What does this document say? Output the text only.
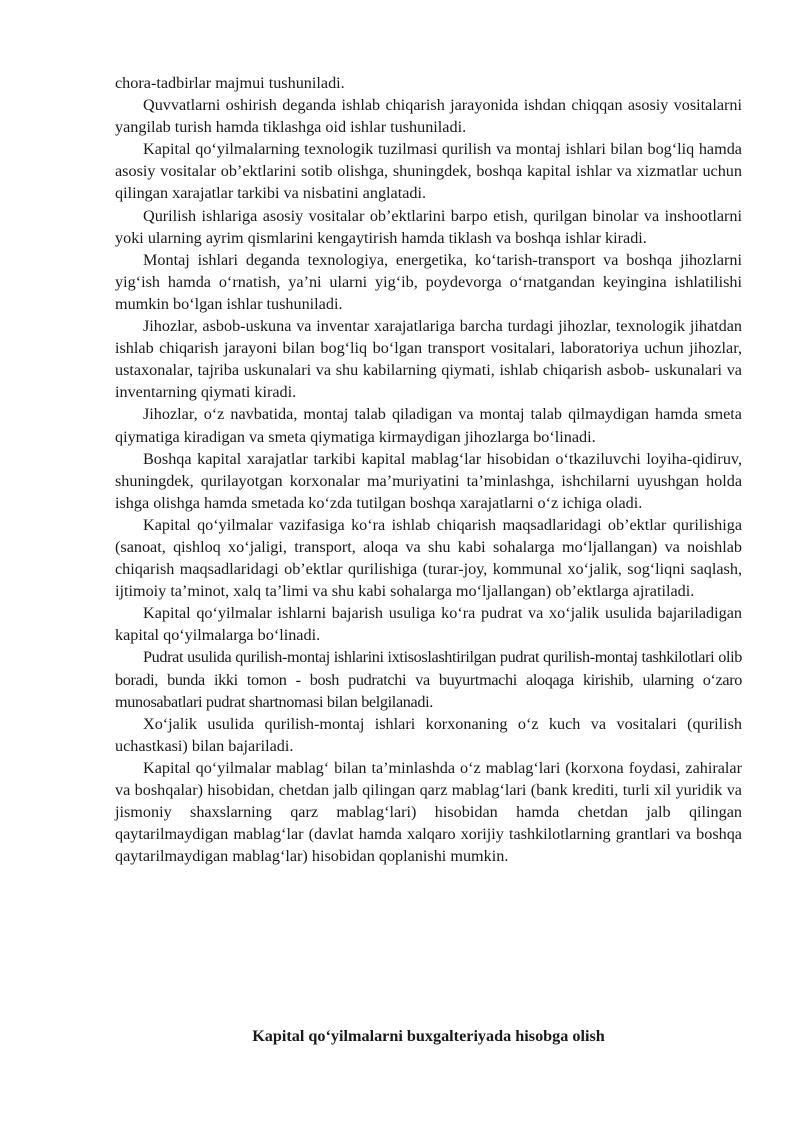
chora-tadbirlar majmui tushuniladi.

Quvvatlarni oshirish deganda ishlab chiqarish jarayonida ishdan chiqqan asosiy vositalarni yangilab turish hamda tiklashga oid ishlar tushuniladi.

Kapital qo‘yilmalarning texnologik tuzilmasi qurilish va montaj ishlari bilan bog‘liq hamda asosiy vositalar ob’ektlarini sotib olishga, shuningdek, boshqa kapital ishlar va xizmatlar uchun qilingan xarajatlar tarkibi va nisbatini anglatadi.

Qurilish ishlariga asosiy vositalar ob’ektlarini barpo etish, qurilgan binolar va inshootlarni yoki ularning ayrim qismlarini kengaytirish hamda tiklash va boshqa ishlar kiradi.

Montaj ishlari deganda texnologiya, energetika, ko‘tarish-transport va boshqa jihozlarni yig‘ish hamda o‘rnatish, ya’ni ularni yig‘ib, poydevorga o‘rnatgandan keyingina ishlatilishi mumkin bo‘lgan ishlar tushuniladi.

Jihozlar, asbob-uskuna va inventar xarajatlariga barcha turdagi jihozlar, texnologik jihatdan ishlab chiqarish jarayoni bilan bog‘liq bo‘lgan transport vositalari, laboratoriya uchun jihozlar, ustaxonalar, tajriba uskunalari va shu kabilarning qiymati, ishlab chiqarish asbob- uskunalari va inventarning qiymati kiradi.

Jihozlar, o‘z navbatida, montaj talab qiladigan va montaj talab qilmaydigan hamda smeta qiymatiga kiradigan va smeta qiymatiga kirmaydigan jihozlarga bo‘linadi.

Boshqa kapital xarajatlar tarkibi kapital mablag‘lar hisobidan o‘tkaziluvchi loyiha-qidiruv, shuningdek, qurilayotgan korxonalar ma’muriyatini ta’minlashga, ishchilarni uyushgan holda ishga olishga hamda smetada ko‘zda tutilgan boshqa xarajatlarni o‘z ichiga oladi.

Kapital qo‘yilmalar vazifasiga ko‘ra ishlab chiqarish maqsadlaridagi ob’ektlar qurilishiga (sanoat, qishloq xo‘jaligi, transport, aloqa va shu kabi sohalarga mo‘ljallangan) va noishlab chiqarish maqsadlaridagi ob’ektlar qurilishiga (turar-joy, kommunal xo‘jalik, sog‘liqni saqlash, ijtimoiy ta’minot, xalq ta’limi va shu kabi sohalarga mo‘ljallangan) ob’ektlarga ajratiladi.

Kapital qo‘yilmalar ishlarni bajarish usuliga ko‘ra pudrat va xo‘jalik usulida bajariladigan kapital qo‘yilmalarga bo‘linadi.

Pudrat usulida qurilish-montaj ishlarini ixtisoslashtirilgan pudrat qurilish-montaj tashkilotlari olib boradi, bunda ikki tomon - bosh pudratchi va buyurtmachi aloqaga kirishib, ularning o‘zaro munosabatlari pudrat shartnomasi bilan belgilanadi.

Xo‘jalik usulida qurilish-montaj ishlari korxonaning o‘z kuch va vositalari (qurilish uchastkasi) bilan bajariladi.

Kapital qo‘yilmalar mablag‘ bilan ta’minlashda o‘z mablag‘lari (korxona foydasi, zahiralar va boshqalar) hisobidan, chetdan jalb qilingan qarz mablag‘lari (bank krediti, turli xil yuridik va jismoniy shaxslarning qarz mablag‘lari) hisobidan hamda chetdan jalb qilingan qaytarilmaydigan mablag‘lar (davlat hamda xalqaro xorijiy tashkilotlarning grantlari va boshqa qaytarilmaydigan mablag‘lar) hisobidan qoplanishi mumkin.

Kapital qo‘yilmalarni buxgalteriyada hisobga olish
